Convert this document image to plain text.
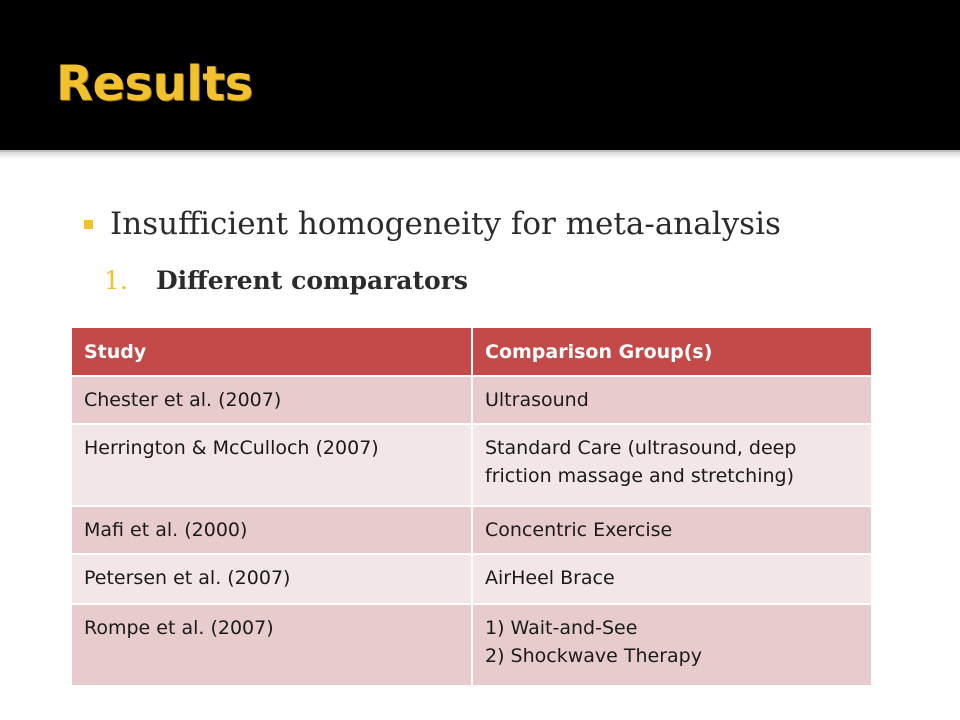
Results
Insufficient homogeneity for meta-analysis
1.	Different comparators
Study	Comparison Group(s)
Chester et al. (2007)	Ultrasound

Herrington & McCulloch (2007)	Standard Care (ultrasound, deep
friction massage and stretching)

Mafi et al. (2000)	Concentric Exercise

Petersen et al. (2007)	AirHeel Brace

Rompe et al. (2007)	1) Wait-and-See
2) Shockwave Therapy
